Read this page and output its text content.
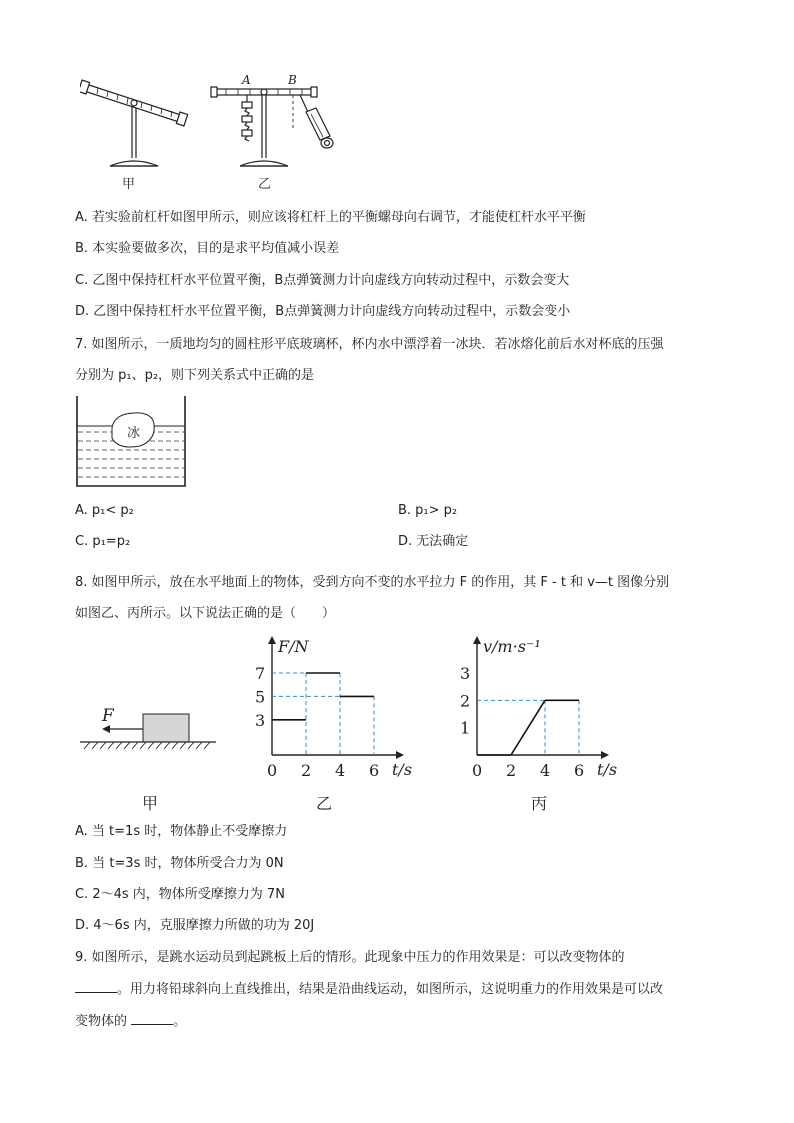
A	B
甲	乙
A. 若实验前杠杆如图甲所示，则应该将杠杆上的平衡螺母向右调节，才能使杠杆水平平衡
B. 本实验要做多次，目的是求平均值减小误差
C. 乙图中保持杠杆水平位置平衡，B点弹簧测力计向虚线方向转动过程中，示数会变大
D. 乙图中保持杠杆水平位置平衡，B点弹簧测力计向虚线方向转动过程中，示数会变小
7. 如图所示，一质地均匀的圆柱形平底玻璃杯，杯内水中漂浮着一冰块．若冰熔化前后水对杯底的压强
分别为 p₁、p₂，则下列关系式中正确的是
冰
A. p₁< p₂	B. p₁> p₂
C. p₁=p₂	D. 无法确定
8. 如图甲所示，放在水平地面上的物体，受到方向不变的水平拉力 F 的作用，其 F - t 和 v—t 图像分别
如图乙、丙所示。以下说法正确的是（　　）
F
甲
F/N
t/s
0 2 4 6
3
5
7
乙
v/m·s⁻¹
t/s
0 2 4 6
1
2
3
丙
A. 当 t=1s 时，物体静止不受摩擦力
B. 当 t=3s 时，物体所受合力为 0N
C. 2～4s 内，物体所受摩擦力为 7N
D. 4～6s 内，克服摩擦力所做的功为 20J
9. 如图所示，是跳水运动员到起跳板上后的情形。此现象中压力的作用效果是：可以改变物体的
。用力将铅球斜向上直线推出，结果是沿曲线运动，如图所示，这说明重力的作用效果是可以改
变物体的	。
